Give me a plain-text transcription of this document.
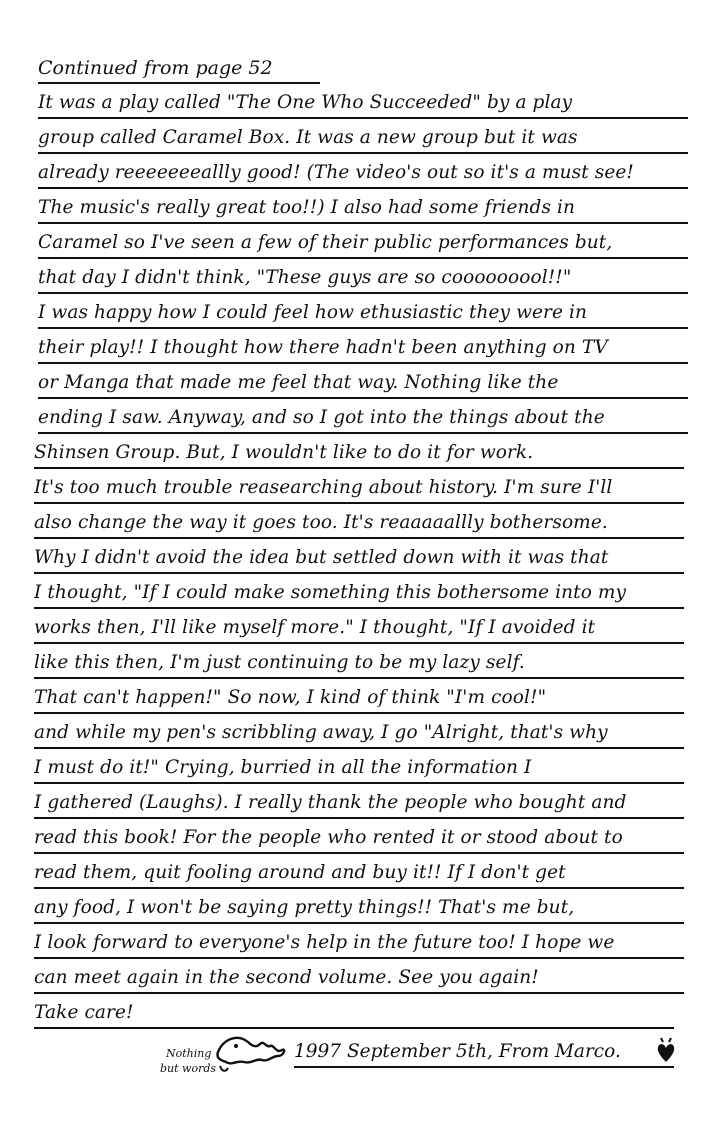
Continued from page 52
It was a play called "The One Who Succeeded" by a play
group called Caramel Box. It was a new group but it was
already reeeeeeeallly good! (The video's out so it's a must see!
The music's really great too!!) I also had some friends in
Caramel so I've seen a few of their public performances but,
that day I didn't think, "These guys are so cooooooool!!"
I was happy how I could feel how ethusiastic they were in
their play!! I thought how there hadn't been anything on TV
or Manga that made me feel that way. Nothing like the
ending I saw. Anyway, and so I got into the things about the
Shinsen Group. But, I wouldn't like to do it for work.
It's too much trouble reasearching about history. I'm sure I'll
also change the way it goes too. It's reaaaaallly bothersome.
Why I didn't avoid the idea but settled down with it was that
I thought, "If I could make something this bothersome into my
works then, I'll like myself more." I thought, "If I avoided it
like this then, I'm just continuing to be my lazy self.
That can't happen!" So now, I kind of think "I'm cool!"
and while my pen's scribbling away, I go "Alright, that's why
I must do it!" Crying, burried in all the information I
I gathered (Laughs). I really thank the people who bought and
read this book! For the people who rented it or stood about to
read them, quit fooling around and buy it!! If I don't get
any food, I won't be saying pretty things!! That's me but,
I look forward to everyone's help in the future too! I hope we
can meet again in the second volume. See you again!
Take care!
Nothing
but words
1997 September 5th, From Marco.
